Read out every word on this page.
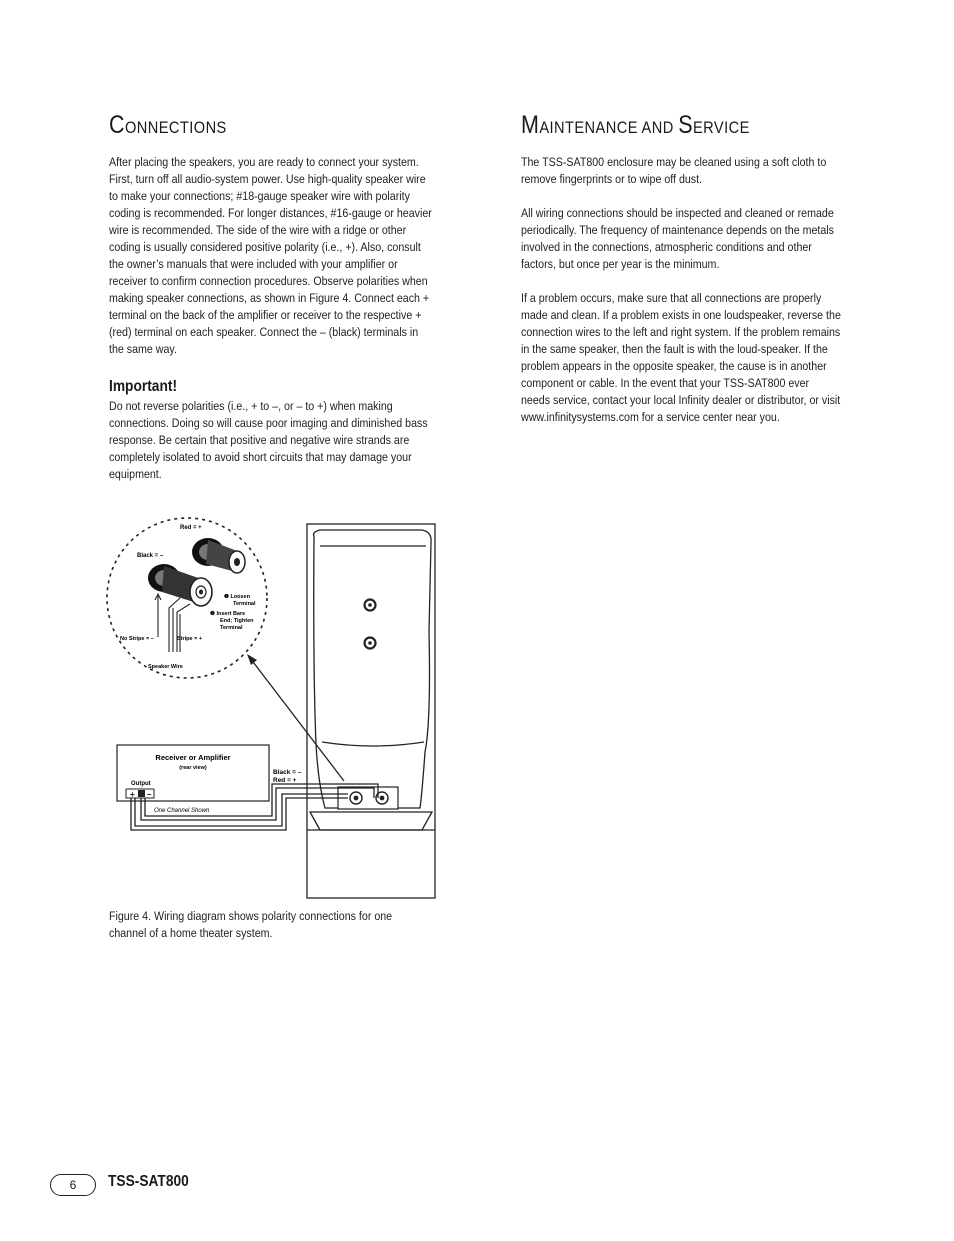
CONNECTIONS

After placing the speakers, you are ready to connect your system. First, turn off all audio-system power. Use high-quality speaker wire to make your connections; #18-gauge speaker wire with polarity coding is recommended. For longer distances, #16-gauge or heavier wire is recommended. The side of the wire with a ridge or other coding is usually considered positive polarity (i.e., +). Also, consult the owner’s manuals that were included with your amplifier or receiver to confirm connection procedures. Observe polarities when making speaker connections, as shown in Figure 4. Connect each + terminal on the back of the amplifier or receiver to the respective + (red) terminal on each speaker. Connect the – (black) terminals in the same way.

Important!

Do not reverse polarities (i.e., + to –, or – to +) when making connections. Doing so will cause poor imaging and diminished bass response. Be certain that positive and negative wire strands are completely isolated to avoid short circuits that may damage your equipment.

MAINTENANCE AND SERVICE

The TSS-SAT800 enclosure may be cleaned using a soft cloth to remove fingerprints or to wipe off dust.

All wiring connections should be inspected and cleaned or remade periodically. The frequency of maintenance depends on the metals involved in the connections, atmospheric conditions and other factors, but once per year is the minimum.

If a problem occurs, make sure that all connections are properly made and clean. If a problem exists in one loudspeaker, reverse the connection wires to the left and right system. If the problem remains in the same speaker, then the fault is with the loud-speaker. If the problem appears in the opposite speaker, the cause is in another component or cable. In the event that your TSS-SAT800 ever needs service, contact your local Infinity dealer or distributor, or visit www.infinitysystems.com for a service center near you.

Black = –
Red = +
Receiver or Amplifier
(rear view)
Output
+ –
One Channel Shown
Red = +
Black = –
❶ Loosen
Terminal
❷ Insert Bare
End; Tighten
Terminal
No Stripe = –	Stripe = +
Speaker Wire

Figure 4. Wiring diagram shows polarity connections for one channel of a home theater system.

6	TSS-SAT800
